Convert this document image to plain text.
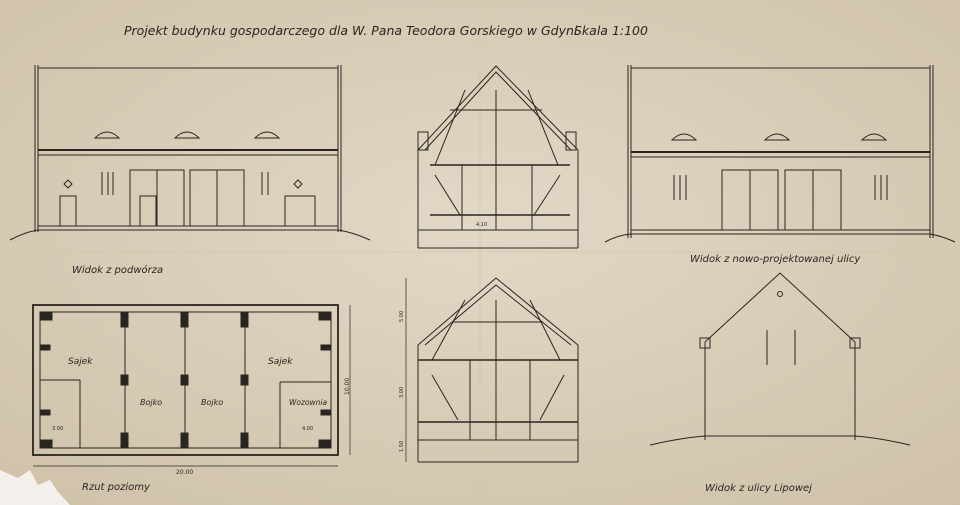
Projekt budynku gospodarczego dla W. Pana Teodora Gorskiego w Gdyni
Skala 1:100
4.10
Sajek
Bojko	Bojko
Sajek
Wozownia
3.00	4.00
20.00
10.00
5.00
3.00
1.50
Widok z podwórza
Widok z nowo-projektowanej ulicy
Rzut poziomy	Widok z ulicy Lipowej
